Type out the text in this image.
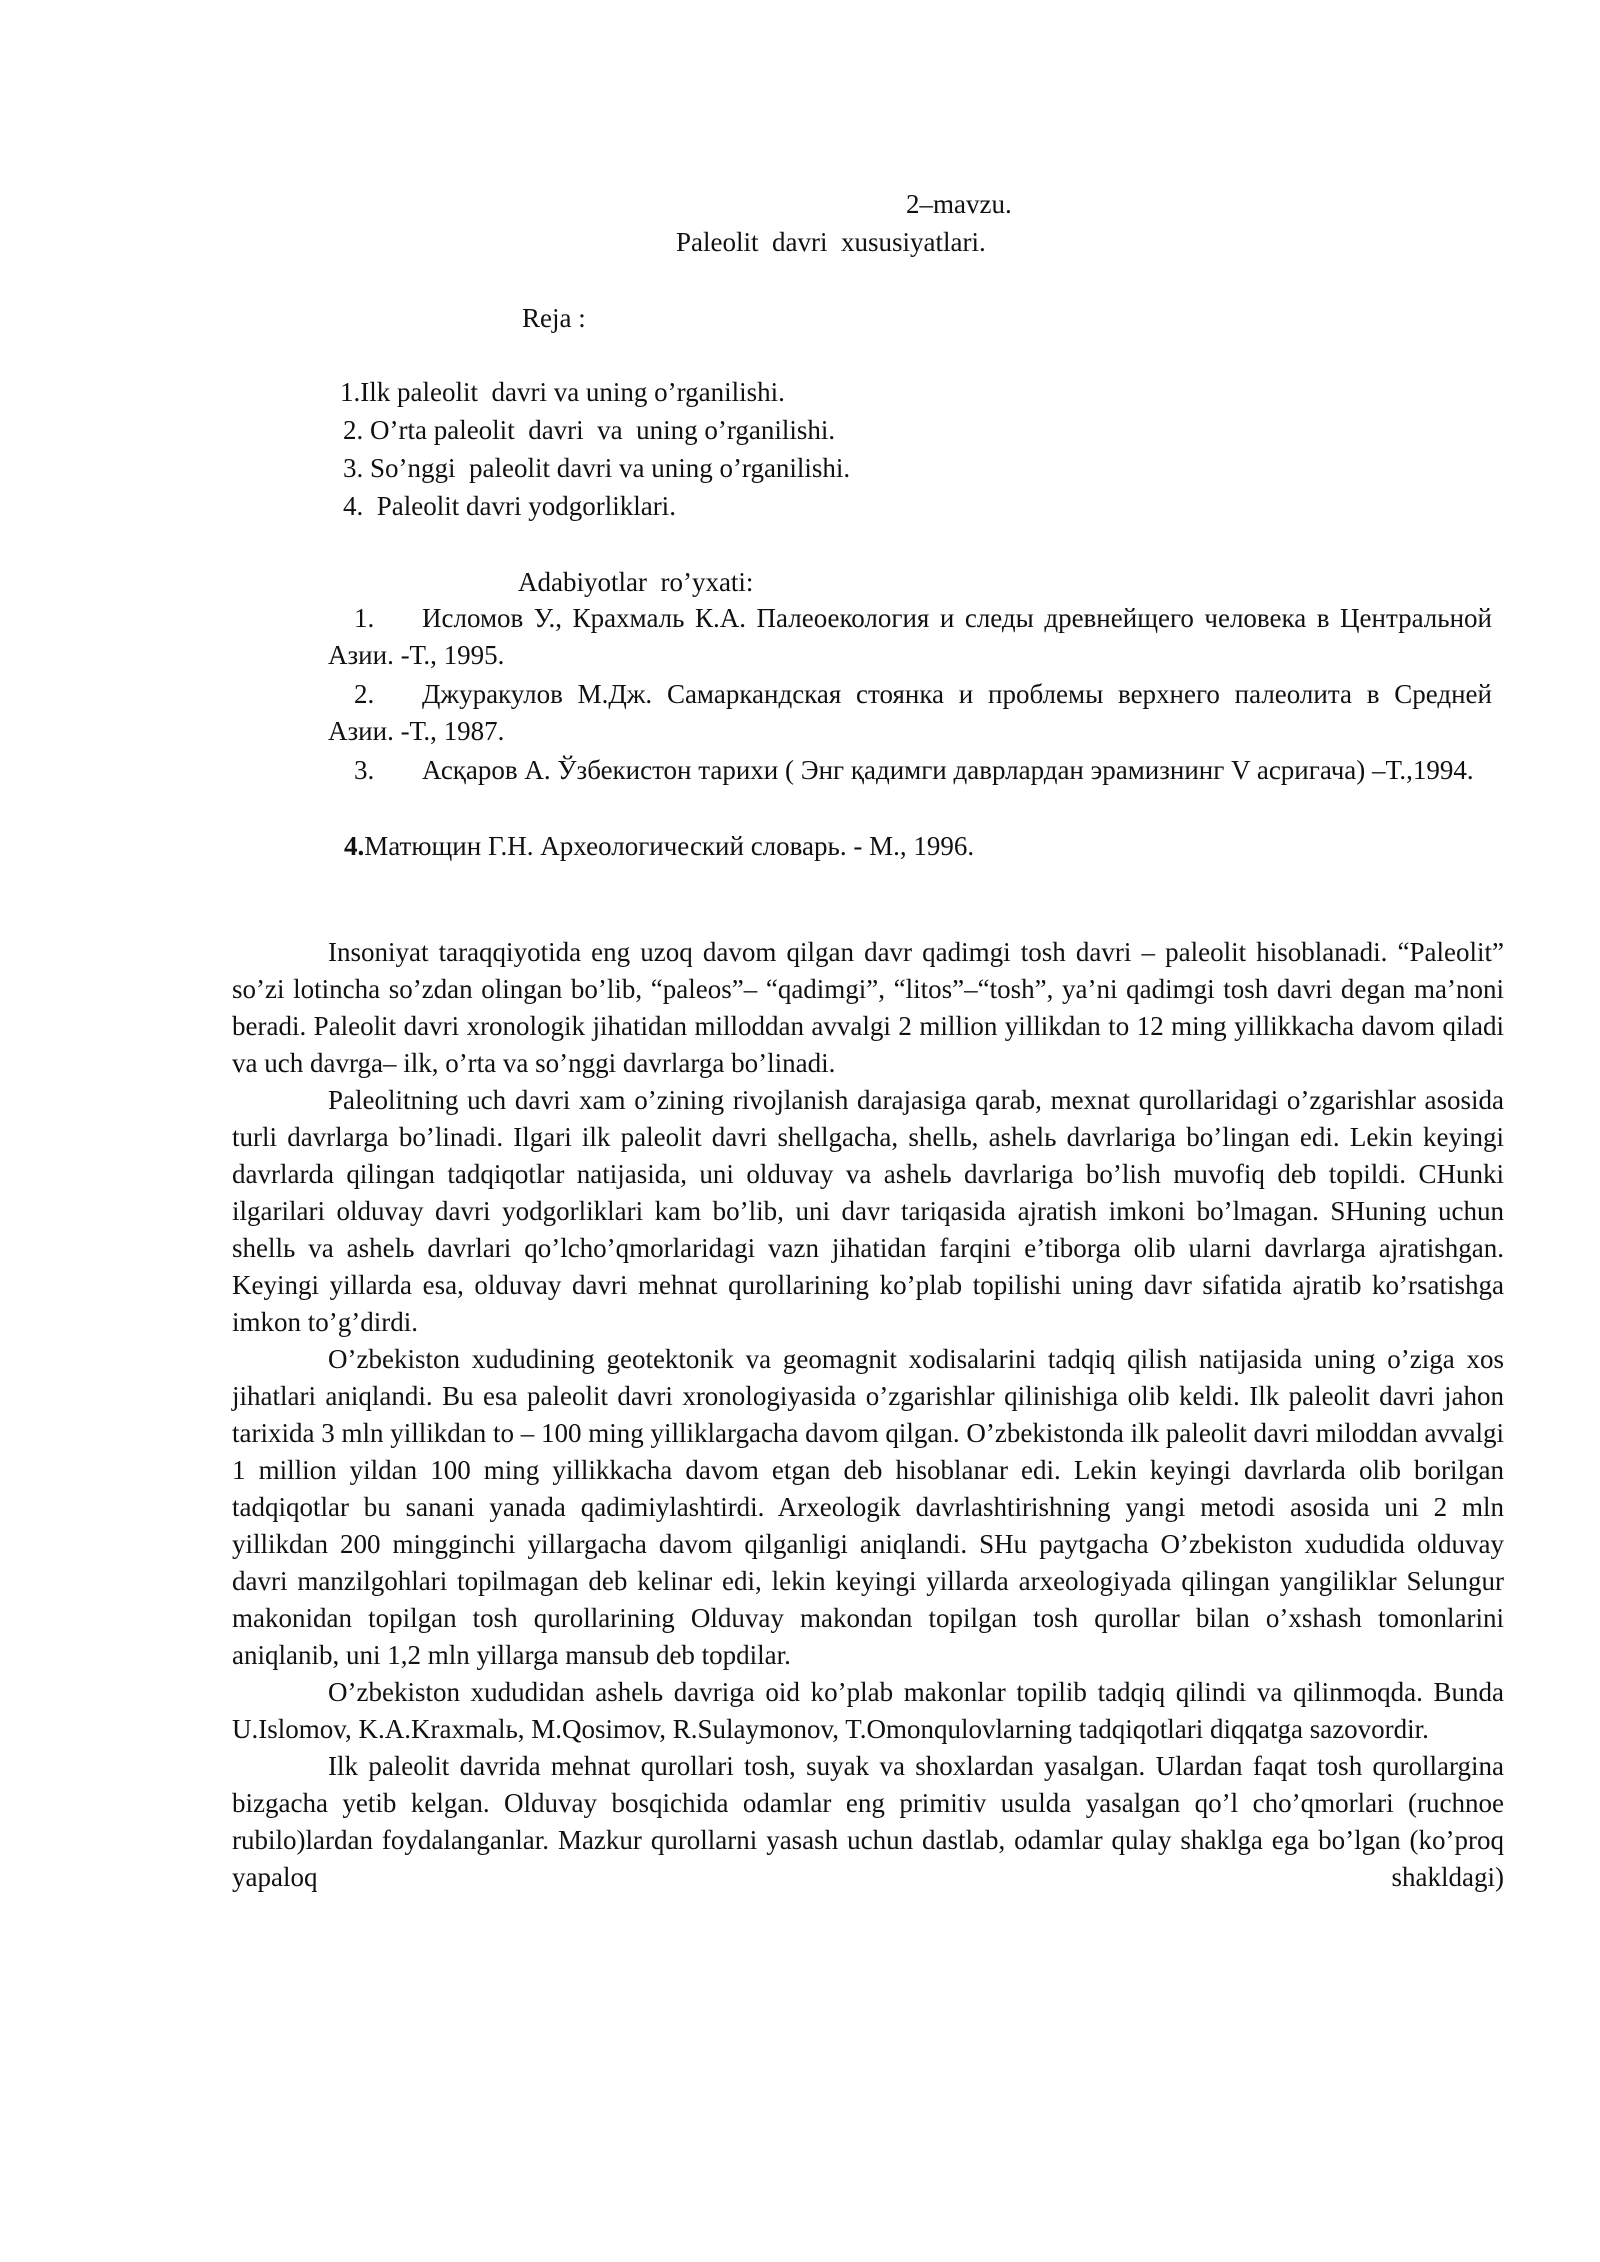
2–mavzu.
Paleolit  davri  xususiyatlari.
Reja :
1.Ilk paleolit  davri va uning o’rganilishi.
2. O’rta paleolit  davri  va  uning o’rganilishi.
3. So’nggi  paleolit davri va uning o’rganilishi.
4.  Paleolit davri yodgorliklari.
Adabiyotlar  ro’yxati:
1. Исломов У., Крахмаль К.А. Палеоекология и следы древнейщего человека в Центральной Азии. -Т., 1995.
2. Джуракулов М.Дж. Самаркандская стоянка и проблемы верхнего палеолита в Средней Азии. -Т., 1987.
3. Асқаров А. Ўзбекистон тарихи ( Энг қадимги даврлардан эрамизнинг V асригача) –Т.,1994.
4.Матющин Г.Н. Археологический словарь. - М., 1996.

Insoniyat taraqqiyotida eng uzoq davom qilgan davr qadimgi tosh davri – paleolit hisoblanadi. “Paleolit” so’zi lotincha so’zdan olingan bo’lib, “paleos”– “qadimgi”, “litos”–“tosh”, ya’ni qadimgi tosh davri degan ma’noni beradi. Paleolit davri xronologik jihatidan milloddan avvalgi 2 million yillikdan to 12 ming yillikkacha davom qiladi va uch davrga– ilk, o’rta va so’nggi davrlarga bo’linadi.

Paleolitning uch davri xam o’zining rivojlanish darajasiga qarab, mexnat qurollaridagi o’zgarishlar asosida turli davrlarga bo’linadi. Ilgari ilk paleolit davri shellgacha, shellь, ashelь davrlariga bo’lingan edi. Lekin keyingi davrlarda qilingan tadqiqotlar natijasida, uni olduvay va ashelь davrlariga bo’lish muvofiq deb topildi. CHunki ilgarilari olduvay davri yodgorliklari kam bo’lib, uni davr tariqasida ajratish imkoni bo’lmagan. SHuning uchun shellь va ashelь davrlari qo’lcho’qmorlaridagi vazn jihatidan farqini e’tiborga olib ularni davrlarga ajratishgan. Keyingi yillarda esa, olduvay davri mehnat qurollarining ko’plab topilishi uning davr sifatida ajratib ko’rsatishga imkon to’g’dirdi.

O’zbekiston xududining geotektonik va geomagnit xodisalarini tadqiq qilish natijasida uning o’ziga xos jihatlari aniqlandi. Bu esa paleolit davri xronologiyasida o’zgarishlar qilinishiga olib keldi. Ilk paleolit davri jahon tarixida 3 mln yillikdan to – 100 ming yilliklargacha davom qilgan. O’zbekistonda ilk paleolit davri miloddan avvalgi 1 million yildan 100 ming yillikkacha davom etgan deb hisoblanar edi. Lekin keyingi davrlarda olib borilgan tadqiqotlar bu sanani yanada qadimiylashtirdi. Arxeologik davrlashtirishning yangi metodi asosida uni 2 mln yillikdan 200 mingginchi yillargacha davom qilganligi aniqlandi. SHu paytgacha O’zbekiston xududida olduvay davri manzilgohlari topilmagan deb kelinar edi, lekin keyingi yillarda arxeologiyada qilingan yangiliklar Selungur makonidan topilgan tosh qurollarining Olduvay makondan topilgan tosh qurollar bilan o’xshash tomonlarini aniqlanib, uni 1,2 mln yillarga mansub deb topdilar.

O’zbekiston xududidan ashelь davriga oid ko’plab makonlar topilib tadqiq qilindi va qilinmoqda. Bunda U.Islomov, K.A.Kraxmalь, M.Qosimov, R.Sulaymonov, T.Omonqulovlarning tadqiqotlari diqqatga sazovordir.

Ilk paleolit davrida mehnat qurollari tosh, suyak va shoxlardan yasalgan. Ulardan faqat tosh qurollargina bizgacha yetib kelgan. Olduvay bosqichida odamlar eng primitiv usulda yasalgan qo’l cho’qmorlari (ruchnoe rubilo)lardan foydalanganlar. Mazkur qurollarni yasash uchun dastlab, odamlar qulay shaklga ega bo’lgan (ko’proq yapaloq shakldagi)
